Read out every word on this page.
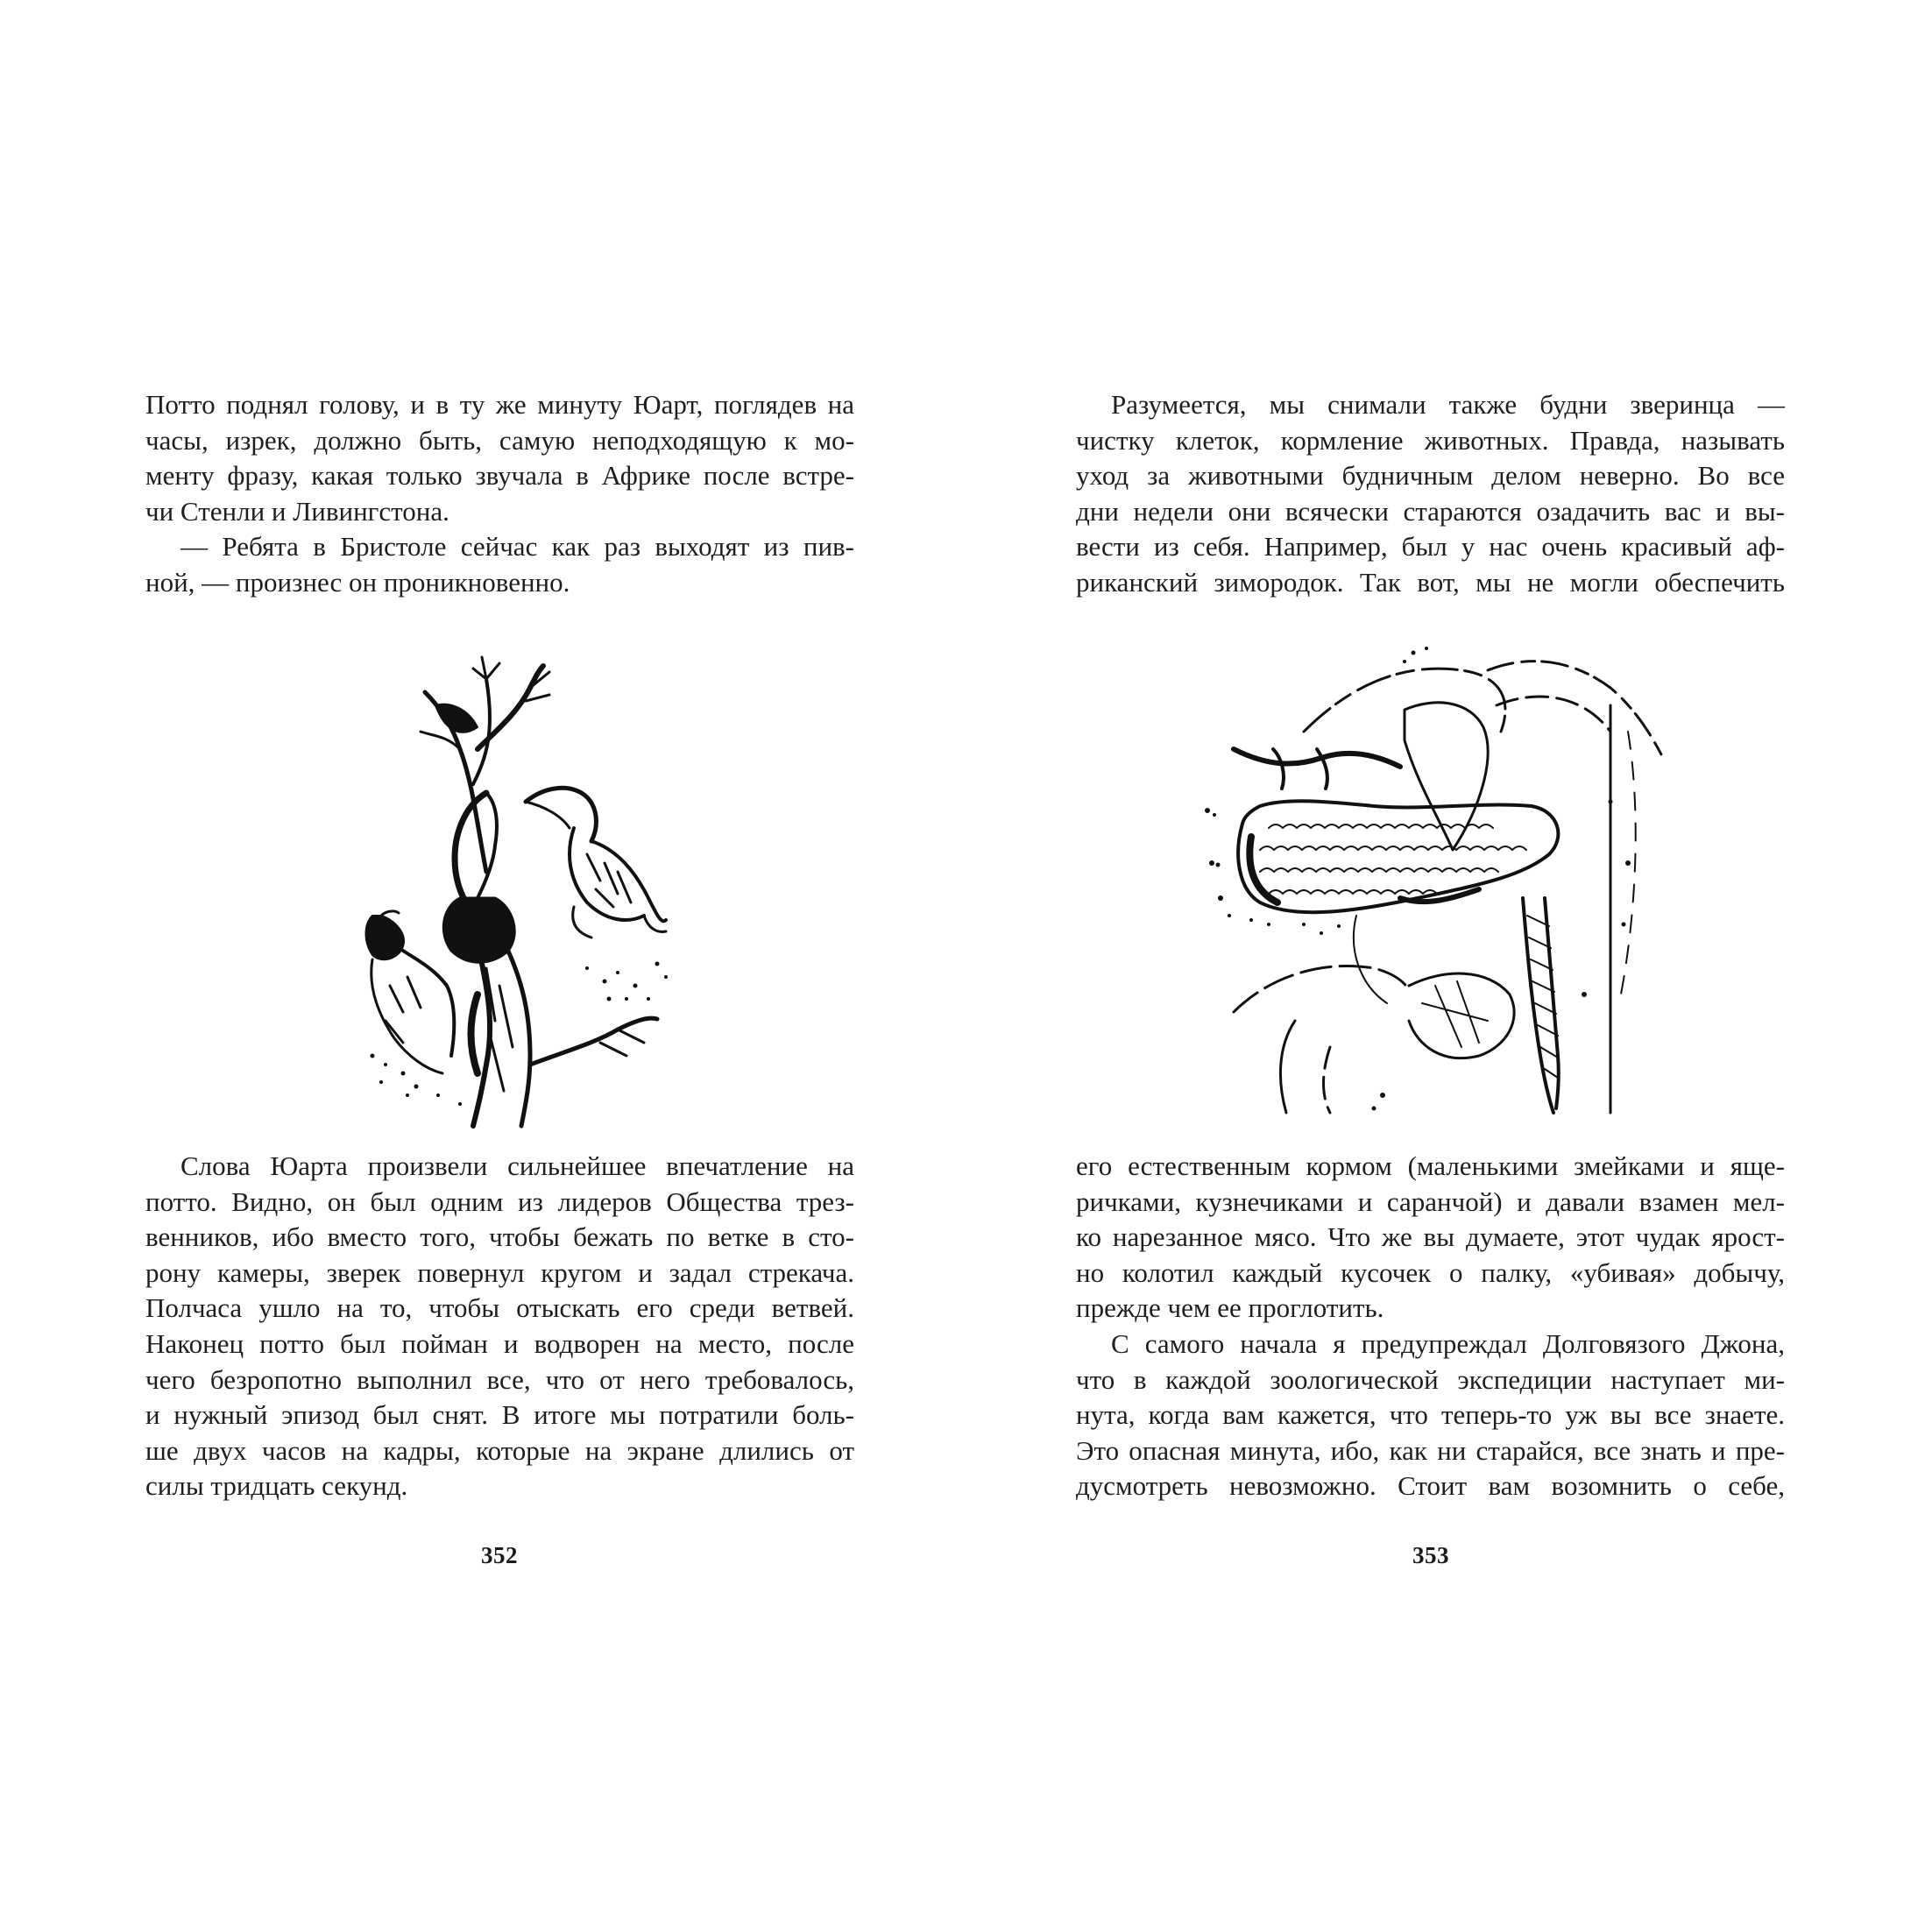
Потто поднял голову, и в ту же минуту Юарт, поглядев на
часы, изрек, должно быть, самую неподходящую к мо-
менту фразу, какая только звучала в Африке после встре-
чи Стенли и Ливингстона.

— Ребята в Бристоле сейчас как раз выходят из пив-
ной, — произнес он проникновенно.

Слова Юарта произвели сильнейшее впечатление на
потто. Видно, он был одним из лидеров Общества трез-
венников, ибо вместо того, чтобы бежать по ветке в сто-
рону камеры, зверек повернул кругом и задал стрекача.
Полчаса ушло на то, чтобы отыскать его среди ветвей.
Наконец потто был пойман и водворен на место, после
чего безропотно выполнил все, что от него требовалось,
и нужный эпизод был снят. В итоге мы потратили боль-
ше двух часов на кадры, которые на экране длились от
силы тридцать секунд.

352

Разумеется, мы снимали также будни зверинца —
чистку клеток, кормление животных. Правда, называть
уход за животными будничным делом неверно. Во все
дни недели они всячески стараются озадачить вас и вы-
вести из себя. Например, был у нас очень красивый аф-
риканский зимородок. Так вот, мы не могли обеспечить

его естественным кормом (маленькими змейками и яще-
ричками, кузнечиками и саранчой) и давали взамен мел-
ко нарезанное мясо. Что же вы думаете, этот чудак ярост-
но колотил каждый кусочек о палку, «убивая» добычу,
прежде чем ее проглотить.

С самого начала я предупреждал Долговязого Джона,
что в каждой зоологической экспедиции наступает ми-
нута, когда вам кажется, что теперь-то уж вы все знаете.
Это опасная минута, ибо, как ни старайся, все знать и пре-
дусмотреть невозможно. Стоит вам возомнить о себе,

353
